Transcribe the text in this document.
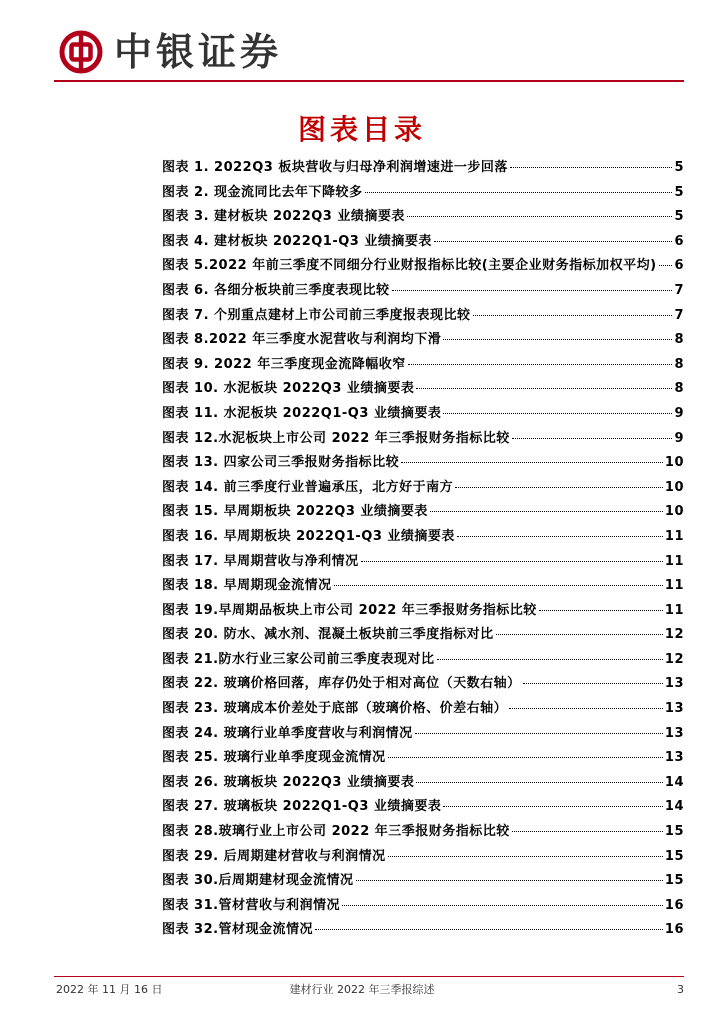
中银证券
图表目录
图表 1. 2022Q3 板块营收与归母净利润增速进一步回落	5
图表 2. 现金流同比去年下降较多	5
图表 3. 建材板块 2022Q3 业绩摘要表	5
图表 4. 建材板块 2022Q1-Q3 业绩摘要表	6
图表 5.2022 年前三季度不同细分行业财报指标比较(主要企业财务指标加权平均) 6
图表 6. 各细分板块前三季度表现比较	7
图表 7. 个别重点建材上市公司前三季度报表现比较	7
图表 8.2022 年三季度水泥营收与利润均下滑	8
图表 9. 2022 年三季度现金流降幅收窄	8
图表 10. 水泥板块 2022Q3 业绩摘要表	8
图表 11. 水泥板块 2022Q1-Q3 业绩摘要表	9
图表 12.水泥板块上市公司 2022 年三季报财务指标比较	9
图表 13. 四家公司三季报财务指标比较	10
图表 14. 前三季度行业普遍承压，北方好于南方	10
图表 15. 早周期板块 2022Q3 业绩摘要表	10
图表 16. 早周期板块 2022Q1-Q3 业绩摘要表	11
图表 17. 早周期营收与净利情况	11
图表 18. 早周期现金流情况	11
图表 19.早周期品板块上市公司 2022 年三季报财务指标比较	11
图表 20. 防水、减水剂、混凝土板块前三季度指标对比	12
图表 21.防水行业三家公司前三季度表现对比	12
图表 22. 玻璃价格回落，库存仍处于相对高位（天数右轴）	13
图表 23. 玻璃成本价差处于底部（玻璃价格、价差右轴）	13
图表 24. 玻璃行业单季度营收与利润情况	13
图表 25. 玻璃行业单季度现金流情况	13
图表 26. 玻璃板块 2022Q3 业绩摘要表	14
图表 27. 玻璃板块 2022Q1-Q3 业绩摘要表	14
图表 28.玻璃行业上市公司 2022 年三季报财务指标比较	15
图表 29. 后周期建材营收与利润情况	15
图表 30.后周期建材现金流情况	15
图表 31.管材营收与利润情况	16
图表 32.管材现金流情况	16
2022 年 11 月 16 日	建材行业 2022 年三季报综述	3
